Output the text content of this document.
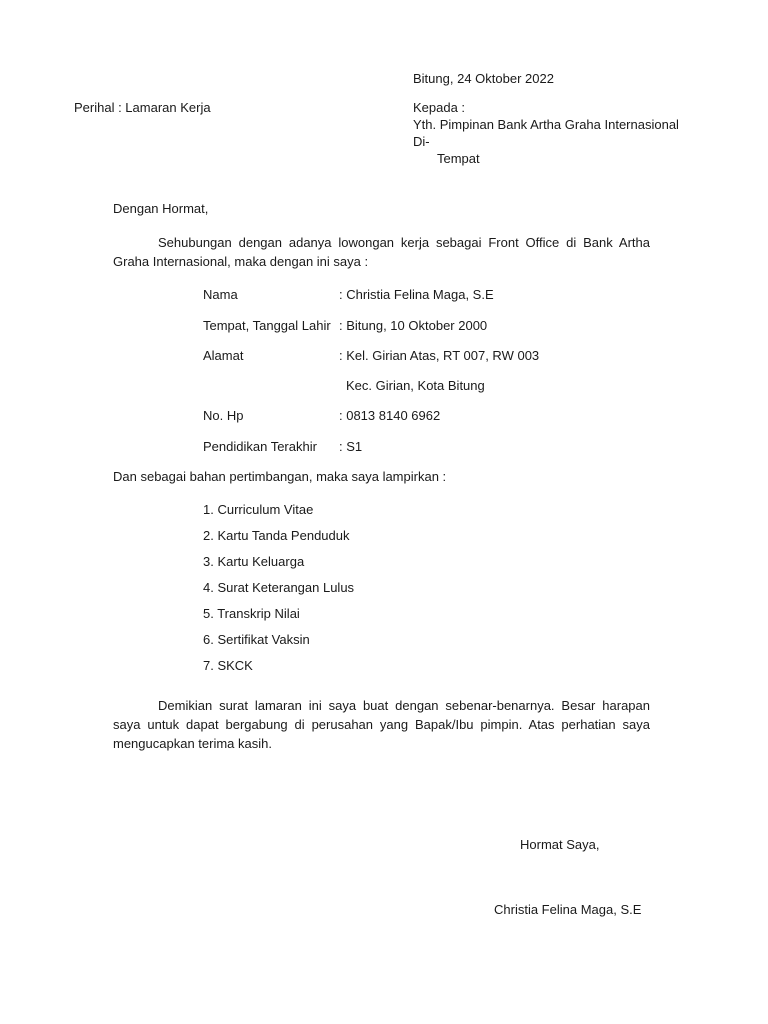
Bitung, 24 Oktober 2022
Perihal : Lamaran Kerja	Kepada :
Yth. Pimpinan Bank Artha Graha Internasional
Di-
Tempat
Dengan Hormat,
Sehubungan dengan adanya lowongan kerja sebagai Front Office di Bank Artha Graha Internasional, maka dengan ini saya :
Nama	: Christia Felina Maga, S.E
Tempat, Tanggal Lahir : Bitung, 10 Oktober 2000
Alamat	: Kel. Girian Atas, RT 007, RW 003
Kec. Girian, Kota Bitung
No. Hp	: 0813 8140 6962
Pendidikan Terakhir : S1
Dan sebagai bahan pertimbangan, maka saya lampirkan :
1. Curriculum Vitae
2. Kartu Tanda Penduduk
3. Kartu Keluarga
4. Surat Keterangan Lulus
5. Transkrip Nilai
6. Sertifikat Vaksin
7. SKCK
Demikian surat lamaran ini saya buat dengan sebenar-benarnya. Besar harapan saya untuk dapat bergabung di perusahan yang Bapak/Ibu pimpin. Atas perhatian saya mengucapkan terima kasih.
Hormat Saya,
Christia Felina Maga, S.E
